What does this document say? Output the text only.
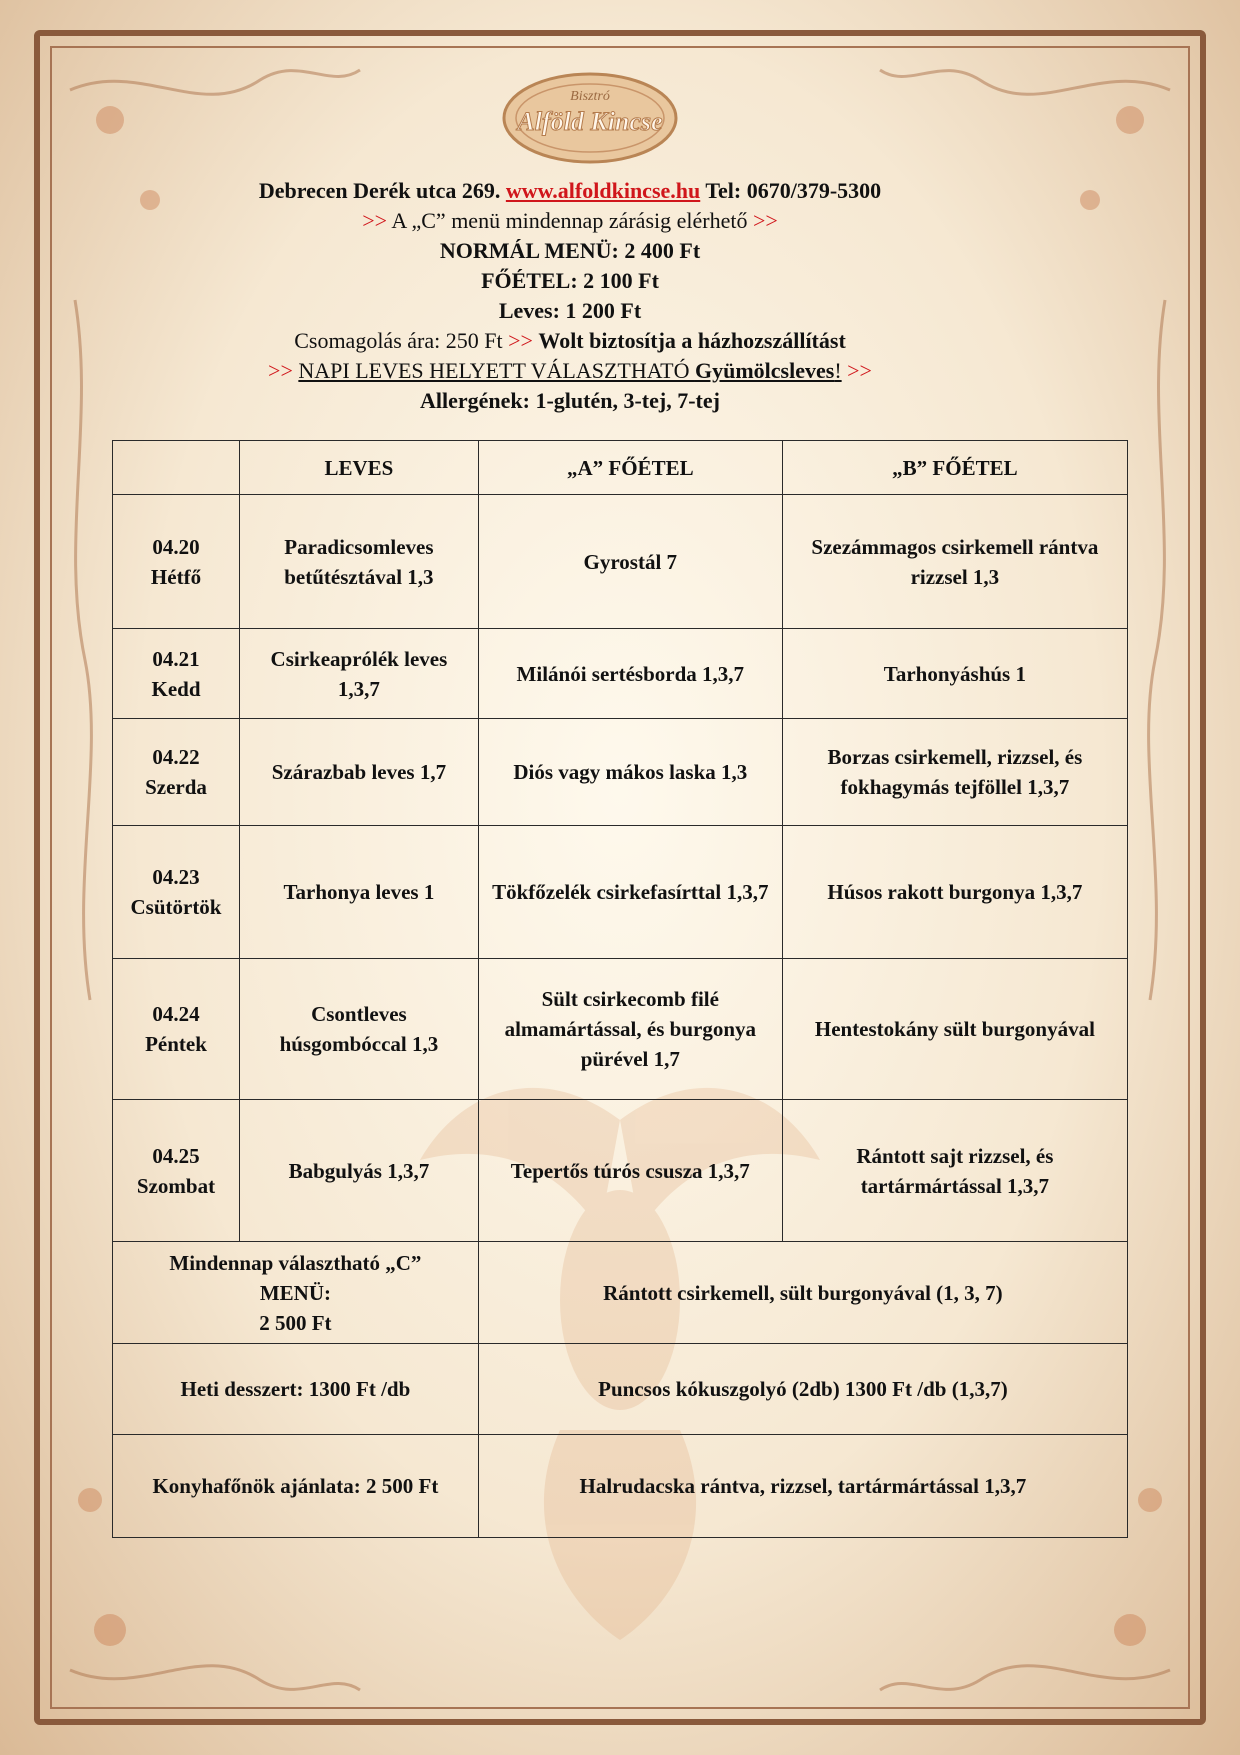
Bisztró
Alföld Kincse
Debrecen Derék utca 269. www.alfoldkincse.hu Tel: 0670/379-5300
>> A „C” menü mindennap zárásig elérhető >>
NORMÁL MENÜ: 2 400 Ft
FŐÉTEL: 2 100 Ft
Leves: 1 200 Ft
Csomagolás ára: 250 Ft >> Wolt biztosítja a házhozszállítást
>> NAPI LEVES HELYETT VÁLASZTHATÓ Gyümölcsleves! >>
Allergének: 1-glutén, 3-tej, 7-tej
	LEVES	„A” FŐÉTEL	„B” FŐÉTEL

04.20
Hétfő	Paradicsomleves betűtésztával 1,3	Gyrostál 7	Szezámmagos csirkemell rántva rizzsel 1,3

04.21
Kedd	Csirkeaprólék leves 1,3,7	Milánói sertésborda 1,3,7	Tarhonyáshús 1

04.22
Szerda	Szárazbab leves 1,7	Diós vagy mákos laska 1,3	Borzas csirkemell, rizzsel, és fokhagymás tejföllel 1,3,7

04.23
Csütörtök	Tarhonya leves 1	Tökfőzelék csirkefasírttal 1,3,7	Húsos rakott burgonya 1,3,7

04.24
Péntek	Csontleves húsgombóccal 1,3	Sült csirkecomb filé almamártással, és burgonya pürével 1,7	Hentestokány sült burgonyával

04.25
Szombat	Babgulyás 1,3,7	Tepertős túrós csusza 1,3,7	Rántott sajt rizzsel, és tartármártással 1,3,7

Mindennap választható „C”
MENÜ:
2 500 Ft		Rántott csirkemell, sült burgonyával (1, 3, 7)	
Heti desszert: 1300 Ft /db		Puncsos kókuszgolyó (2db) 1300 Ft /db (1,3,7)	
Konyhafőnök ajánlata: 2 500 Ft		Halrudacska rántva, rizzsel, tartármártással 1,3,7	
